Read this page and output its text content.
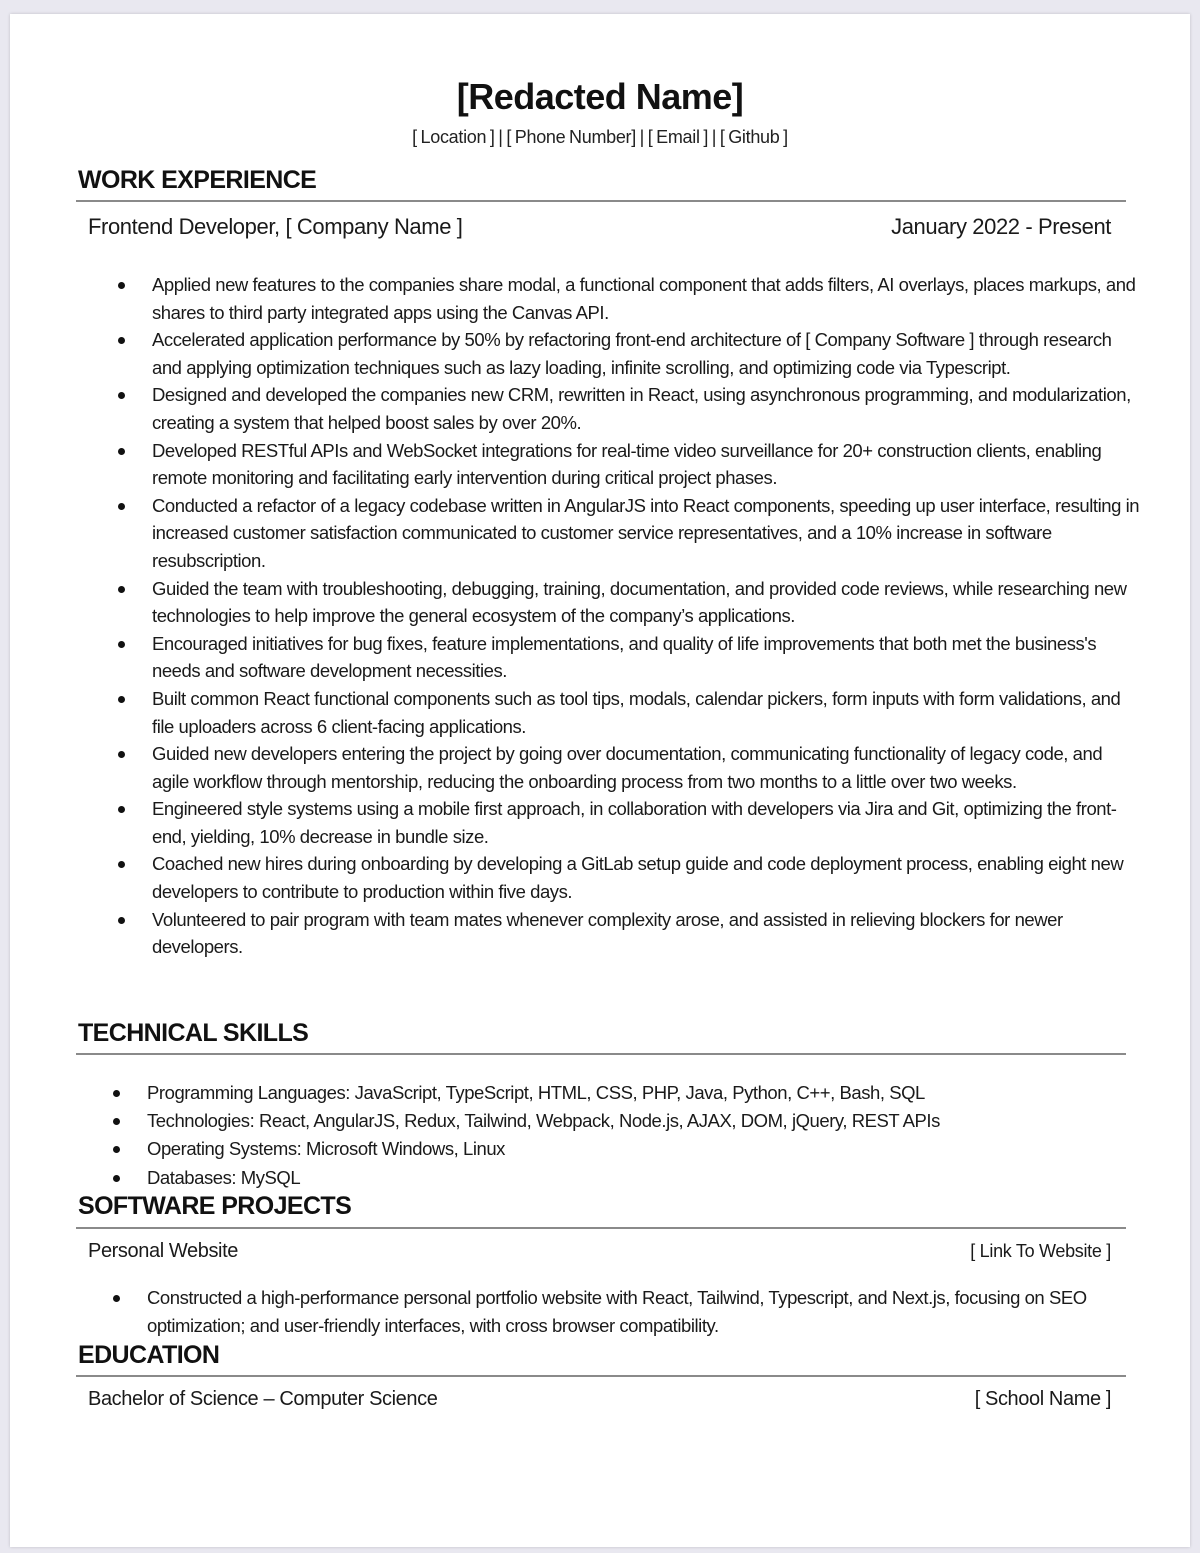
[Redacted Name]
[ Location ] | [ Phone Number] | [ Email ] | [ Github ]
WORK EXPERIENCE
Frontend Developer, [ Company Name ]	January 2022 - Present
Applied new features to the companies share modal, a functional component that adds filters, AI overlays, places markups, and shares to third party integrated apps using the Canvas API.
Accelerated application performance by 50% by refactoring front-end architecture of [ Company Software ] through research and applying optimization techniques such as lazy loading, infinite scrolling, and optimizing code via Typescript.
Designed and developed the companies new CRM, rewritten in React, using asynchronous programming, and modularization, creating a system that helped boost sales by over 20%.
Developed RESTful APIs and WebSocket integrations for real-time video surveillance for 20+ construction clients, enabling remote monitoring and facilitating early intervention during critical project phases.
Conducted a refactor of a legacy codebase written in AngularJS into React components, speeding up user interface, resulting in increased customer satisfaction communicated to customer service representatives, and a 10% increase in software resubscription.
Guided the team with troubleshooting, debugging, training, documentation, and provided code reviews, while researching new technologies to help improve the general ecosystem of the company’s applications.
Encouraged initiatives for bug fixes, feature implementations, and quality of life improvements that both met the business's needs and software development necessities.
Built common React functional components such as tool tips, modals, calendar pickers, form inputs with form validations, and file uploaders across 6 client-facing applications.
Guided new developers entering the project by going over documentation, communicating functionality of legacy code, and agile workflow through mentorship, reducing the onboarding process from two months to a little over two weeks.
Engineered style systems using a mobile first approach, in collaboration with developers via Jira and Git, optimizing the front-end, yielding, 10% decrease in bundle size.
Coached new hires during onboarding by developing a GitLab setup guide and code deployment process, enabling eight new developers to contribute to production within five days.
Volunteered to pair program with team mates whenever complexity arose, and assisted in relieving blockers for newer developers.
TECHNICAL SKILLS
Programming Languages: JavaScript, TypeScript, HTML, CSS, PHP, Java, Python, C++, Bash, SQL
Technologies: React, AngularJS, Redux, Tailwind, Webpack, Node.js, AJAX, DOM, jQuery, REST APIs
Operating Systems: Microsoft Windows, Linux
Databases: MySQL
SOFTWARE PROJECTS
Personal Website	[ Link To Website ]
Constructed a high-performance personal portfolio website with React, Tailwind, Typescript, and Next.js, focusing on SEO optimization; and user-friendly interfaces, with cross browser compatibility.
EDUCATION
Bachelor of Science – Computer Science	[ School Name ]
